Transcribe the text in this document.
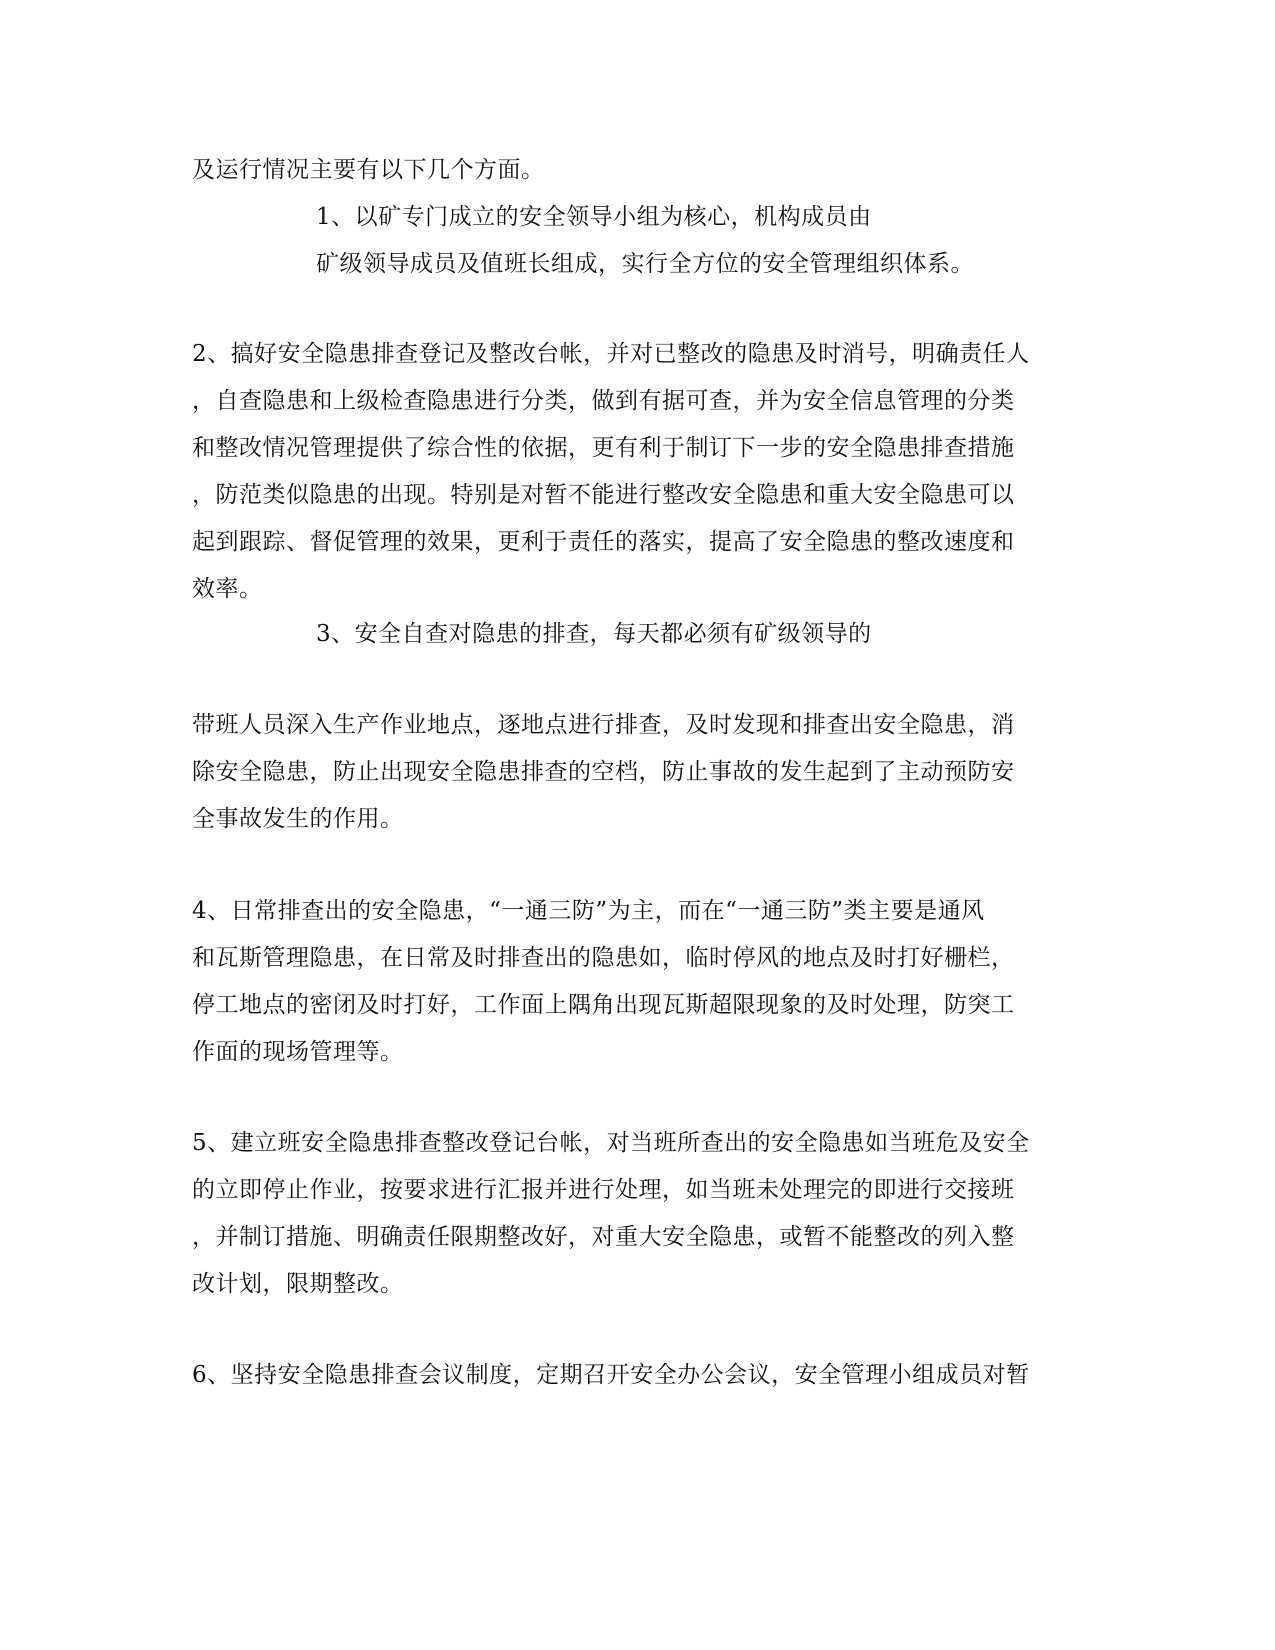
及运行情况主要有以下几个方面。
1、以矿专门成立的安全领导小组为核心，机构成员由
矿级领导成员及值班长组成，实行全方位的安全管理组织体系。
2、搞好安全隐患排查登记及整改台帐，并对已整改的隐患及时消号，明确责任人
，自查隐患和上级检查隐患进行分类，做到有据可查，并为安全信息管理的分类
和整改情况管理提供了综合性的依据，更有利于制订下一步的安全隐患排查措施
，防范类似隐患的出现。特别是对暂不能进行整改安全隐患和重大安全隐患可以
起到跟踪、督促管理的效果，更利于责任的落实，提高了安全隐患的整改速度和
效率。
3、安全自查对隐患的排查，每天都必须有矿级领导的
带班人员深入生产作业地点，逐地点进行排查，及时发现和排查出安全隐患，消
除安全隐患，防止出现安全隐患排查的空档，防止事故的发生起到了主动预防安
全事故发生的作用。
4、日常排查出的安全隐患，“一通三防”为主，而在“一通三防”类主要是通风
和瓦斯管理隐患，在日常及时排查出的隐患如，临时停风的地点及时打好栅栏，
停工地点的密闭及时打好，工作面上隅角出现瓦斯超限现象的及时处理，防突工
作面的现场管理等。
5、建立班安全隐患排查整改登记台帐，对当班所查出的安全隐患如当班危及安全
的立即停止作业，按要求进行汇报并进行处理，如当班未处理完的即进行交接班
，并制订措施、明确责任限期整改好，对重大安全隐患，或暂不能整改的列入整
改计划，限期整改。
6、坚持安全隐患排查会议制度，定期召开安全办公会议，安全管理小组成员对暂
